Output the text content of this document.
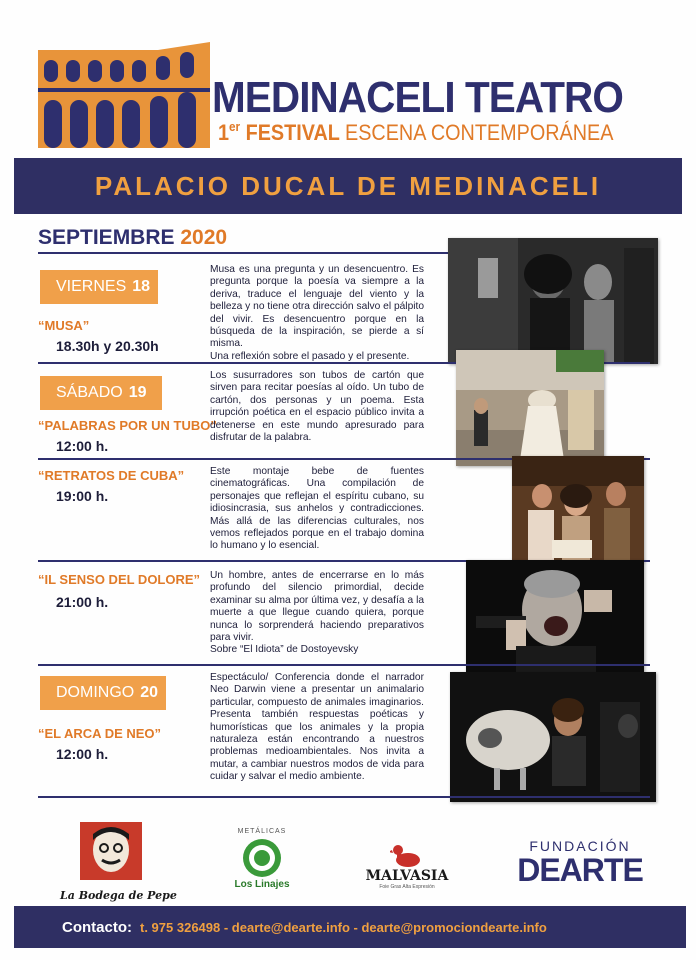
MEDINACELI TEATRO
1er FESTIVAL ESCENA CONTEMPORÁNEA
PALACIO DUCAL DE MEDINACELI
SEPTIEMBRE 2020
VIERNES 18
“MUSA”
18.30h y 20.30h

Musa es una pregunta y un desencuentro. Es pregunta porque la poesía va siempre a la deriva, traduce el lenguaje del viento y la belleza y no tiene otra dirección salvo el pálpito del vivir. Es desencuentro porque en la búsqueda de la inspiración, se pierde a sí misma.

Una reflexión sobre el pasado y el presente.

SÁBADO 19
“PALABRAS POR UN TUBO”
12:00 h.

Los susurradores son tubos de cartón que sirven para recitar poesías al oído. Un tubo de cartón, dos personas y un poema. Esta irrupción poética en el espacio público invita a detenerse en este mundo apresurado para disfrutar de la palabra.

“RETRATOS DE CUBA”
19:00 h.

Este montaje bebe de fuentes cinematográficas. Una compilación de personajes que reflejan el espíritu cubano, su idiosincrasia, sus anhelos y contradicciones. Más allá de las diferencias culturales, nos vemos reflejados porque en el trabajo domina lo humano y lo esencial.

“IL SENSO DEL DOLORE”
21:00 h.

Un hombre, antes de encerrarse en lo más profundo del silencio primordial, decide examinar su alma por última vez, y desafía a la muerte a que llegue cuando quiera, porque nunca lo sorprenderá haciendo preparativos para vivir.

Sobre “El Idiota” de Dostoyevsky

DOMINGO 20
“EL ARCA DE NEO”
12:00 h.

Espectáculo/ Conferencia donde el narrador Neo Darwin viene a presentar un animalario particular, compuesto de animales imaginarios. Presenta también respuestas poéticas y humorísticas que los animales y la propia naturaleza están encontrando a nuestros problemas medioambientales. Nos invita a mutar, a cambiar nuestros modos de vida para cuidar y salvar el medio ambiente.

La Bodega de Pepe
METÁLICAS
Los Linajes
MALVASIA
Foie Gras Alta Expresión
FUNDACIÓN
DEARTE
Contacto: t. 975 326498 - dearte@dearte.info - dearte@promociondearte.info
